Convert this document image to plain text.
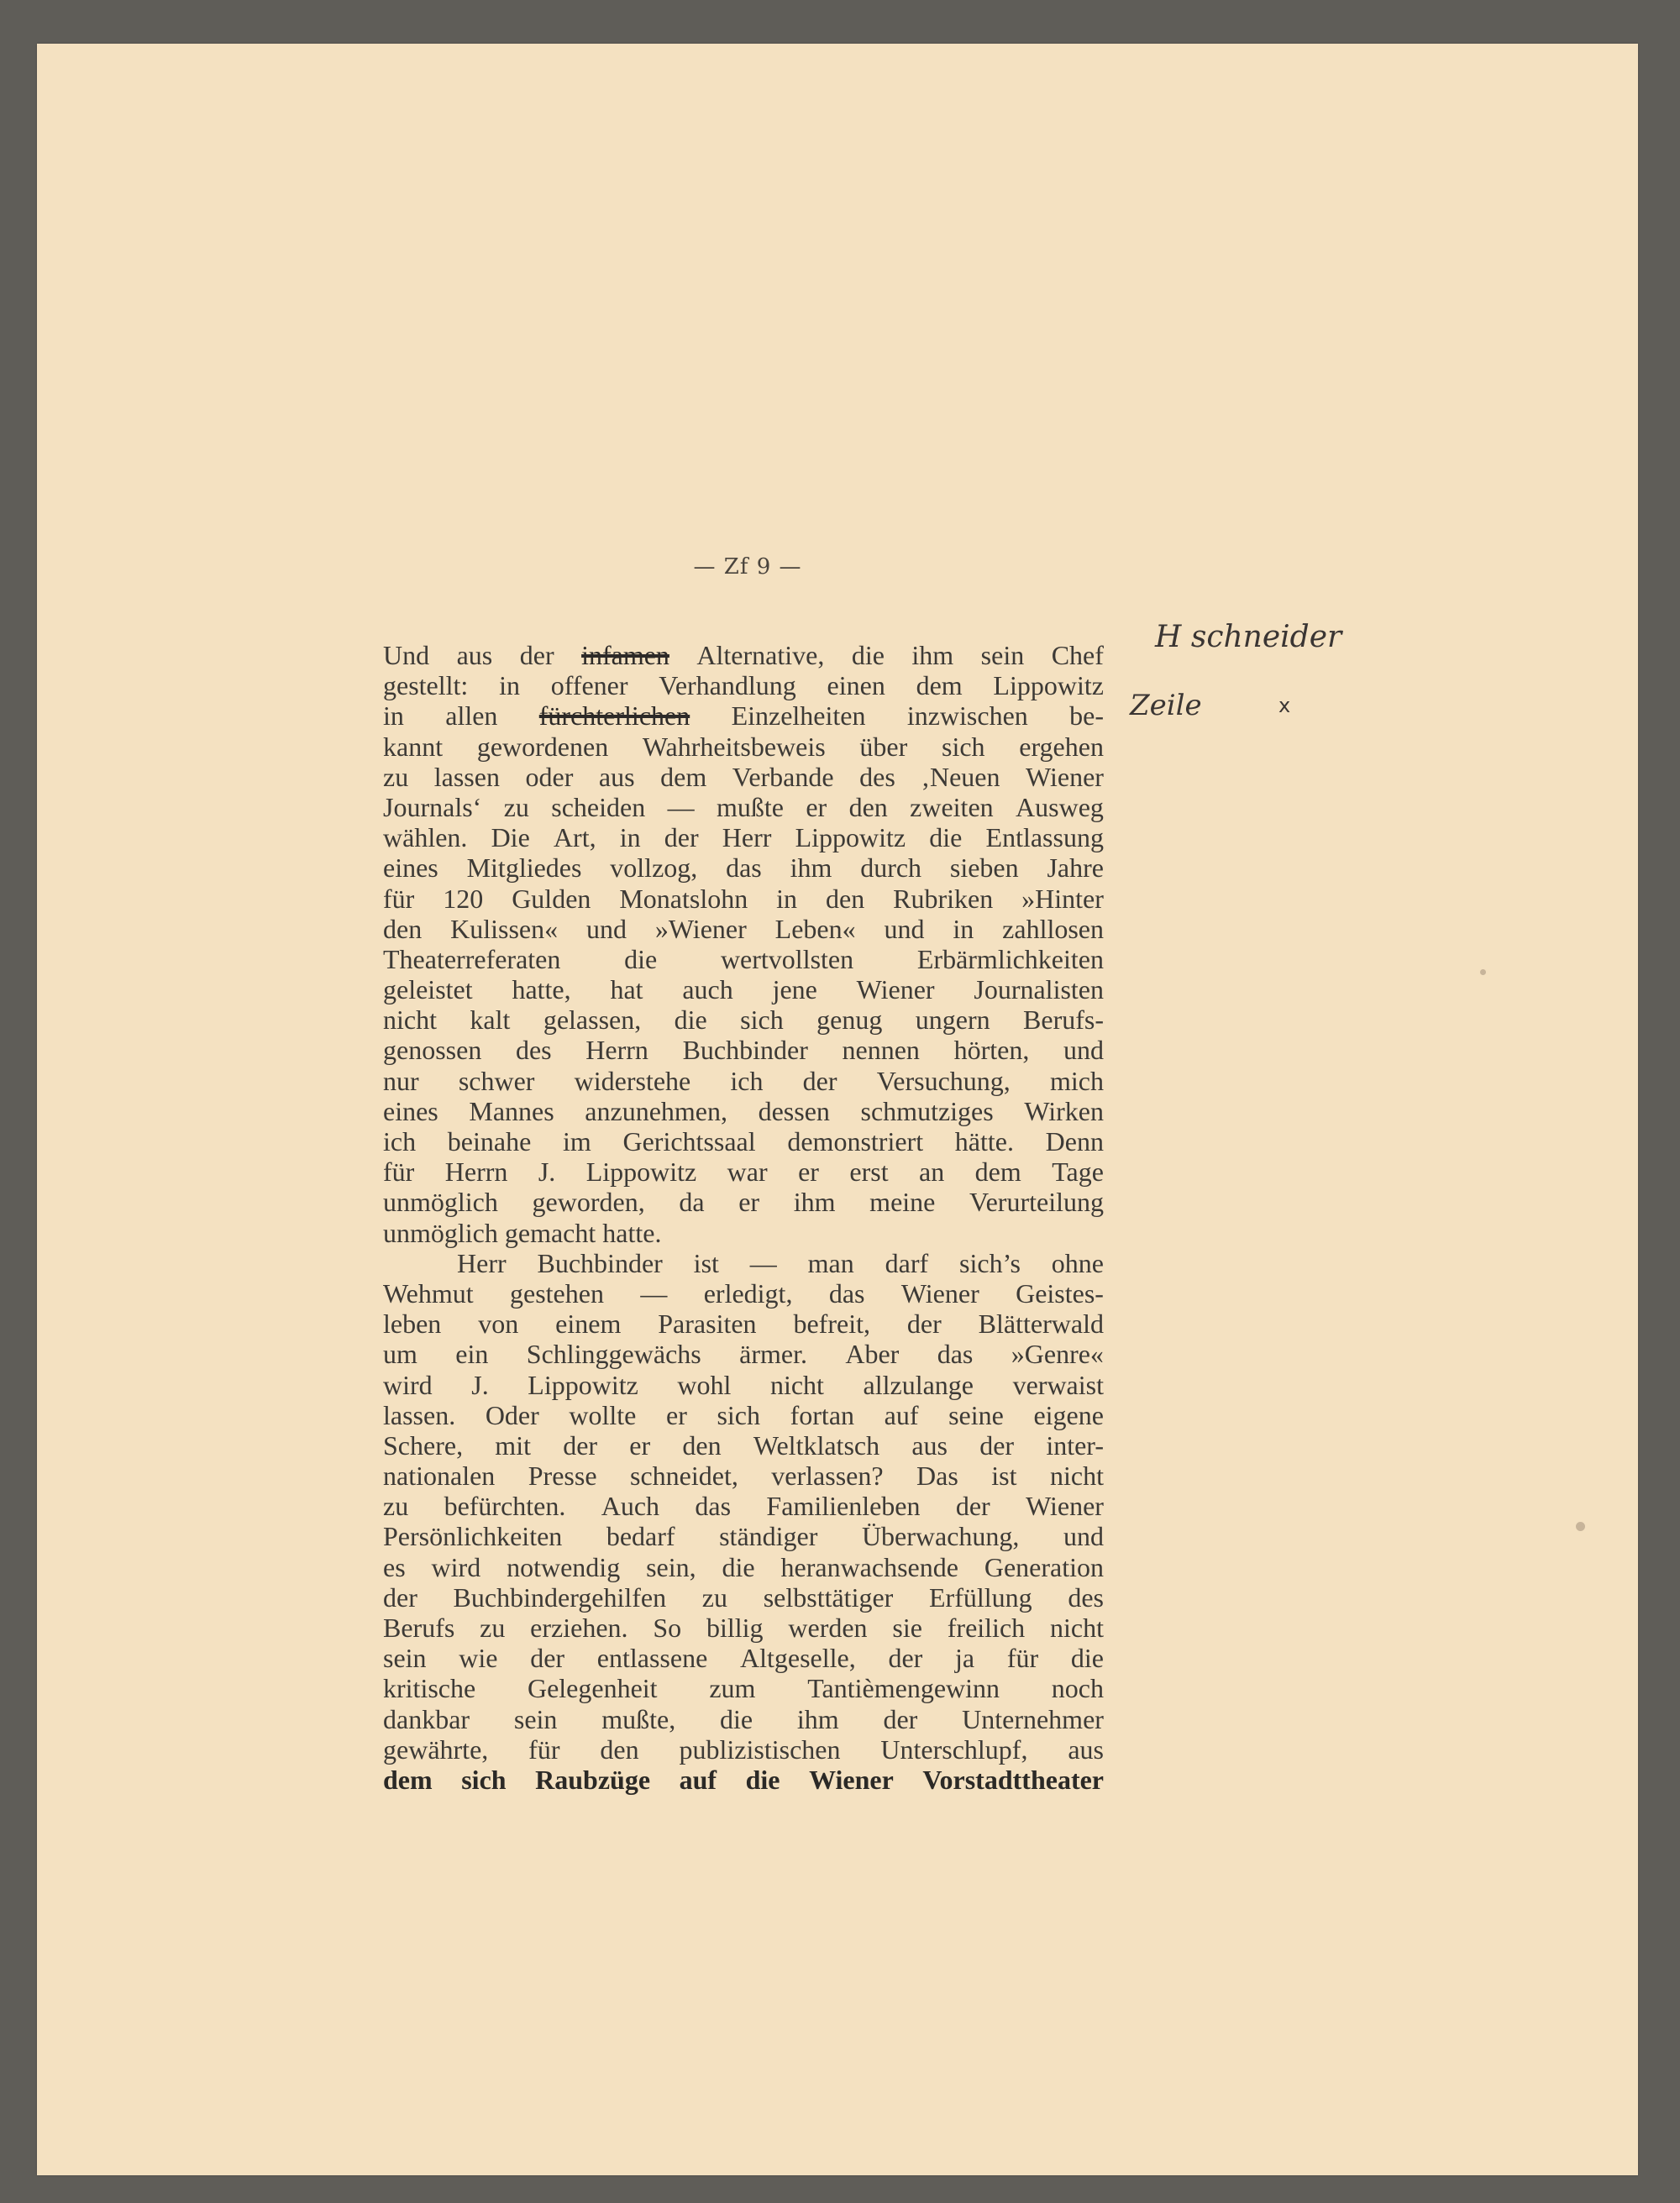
— Zf 9 —
H schneider
Zeile	x
Und aus der infamen Alternative, die ihm sein Chef
gestellt: in offener Verhandlung einen dem Lippowitz
in allen fürchterlichen Einzelheiten inzwischen be-
kannt gewordenen Wahrheitsbeweis über sich ergehen
zu lassen oder aus dem Verbande des ‚Neuen Wiener
Journals‘ zu scheiden — mußte er den zweiten Ausweg
wählen. Die Art, in der Herr Lippowitz die Entlassung
eines Mitgliedes vollzog, das ihm durch sieben Jahre
für 120 Gulden Monatslohn in den Rubriken »Hinter
den Kulissen« und »Wiener Leben« und in zahllosen
Theaterreferaten die wertvollsten Erbärmlichkeiten
geleistet hatte, hat auch jene Wiener Journalisten
nicht kalt gelassen, die sich genug ungern Berufs-
genossen des Herrn Buchbinder nennen hörten, und
nur schwer widerstehe ich der Versuchung, mich
eines Mannes anzunehmen, dessen schmutziges Wirken
ich beinahe im Gerichtssaal demonstriert hätte. Denn
für Herrn J. Lippowitz war er erst an dem Tage
unmöglich geworden, da er ihm meine Verurteilung
unmöglich gemacht hatte.
Herr Buchbinder ist — man darf sich’s ohne
Wehmut gestehen — erledigt, das Wiener Geistes-
leben von einem Parasiten befreit, der Blätterwald
um ein Schlinggewächs ärmer. Aber das »Genre«
wird J. Lippowitz wohl nicht allzulange verwaist
lassen. Oder wollte er sich fortan auf seine eigene
Schere, mit der er den Weltklatsch aus der inter-
nationalen Presse schneidet, verlassen? Das ist nicht
zu befürchten. Auch das Familienleben der Wiener
Persönlichkeiten bedarf ständiger Überwachung, und
es wird notwendig sein, die heranwachsende Generation
der Buchbindergehilfen zu selbsttätiger Erfüllung des
Berufs zu erziehen. So billig werden sie freilich nicht
sein wie der entlassene Altgeselle, der ja für die
kritische Gelegenheit zum Tantièmengewinn noch
dankbar sein mußte, die ihm der Unternehmer
gewährte, für den publizistischen Unterschlupf, aus
dem sich Raubzüge auf die Wiener Vorstadttheater
